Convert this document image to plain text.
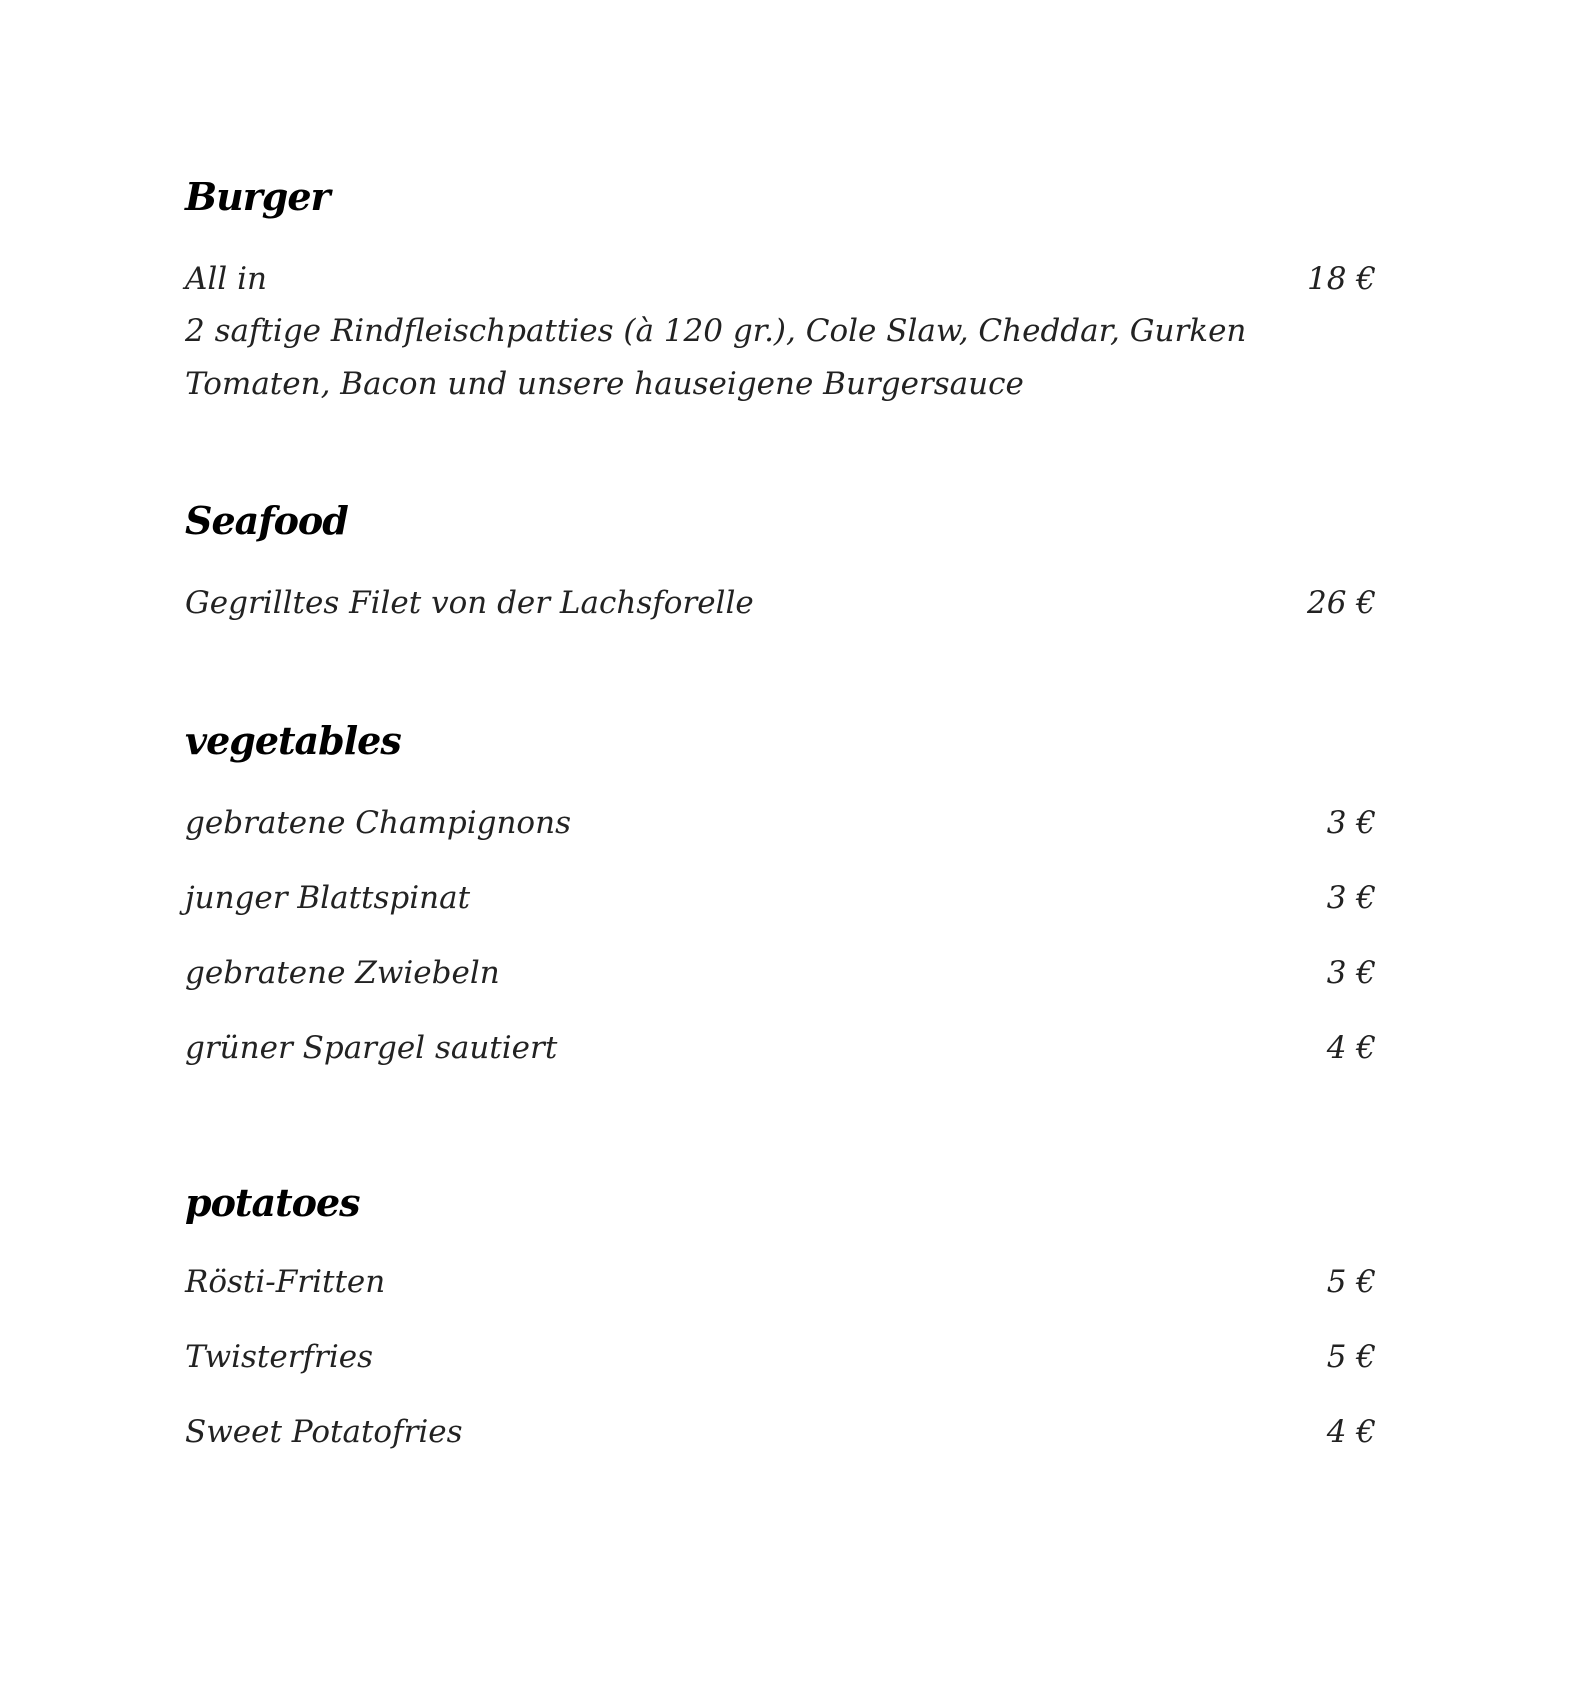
Burger
All in	18 €
2 saftige Rindfleischpatties (à 120 gr.), Cole Slaw, Cheddar, Gurken
Tomaten, Bacon und unsere hauseigene Burgersauce
Seafood
Gegrilltes Filet von der Lachsforelle	26 €
vegetables
gebratene Champignons	3 €
junger Blattspinat	3 €
gebratene Zwiebeln	3 €
grüner Spargel sautiert	4 €
potatoes
Rösti-Fritten	5 €
Twisterfries	5 €
Sweet Potatofries	4 €
